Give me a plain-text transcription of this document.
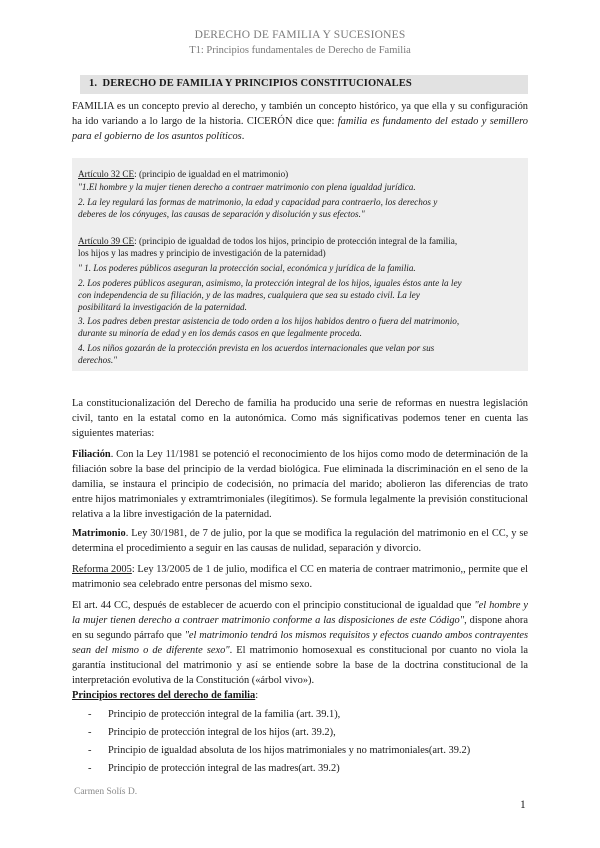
DERECHO DE FAMILIA Y SUCESIONES
T1: Principios fundamentales de Derecho de Familia
1.  DERECHO DE FAMILIA Y PRINCIPIOS CONSTITUCIONALES
FAMILIA es un concepto previo al derecho, y también un concepto histórico, ya que ella y su configuración ha ido variando a lo largo de la historia. CICERÓN dice que: familia es fundamento del estado y semillero para el gobierno de los asuntos políticos.
Artículo 32 CE: (principio de igualdad en el matrimonio)
"1.El hombre y la mujer tienen derecho a contraer matrimonio con plena igualdad jurídica.
2. La ley regulará las formas de matrimonio, la edad y capacidad para contraerlo, los derechos y
deberes de los cónyuges, las causas de separación y disolución y sus efectos."
Artículo 39 CE: (principio de igualdad de todos los hijos, principio de protección integral de la familia,
los hijos y las madres y principio de investigación de la paternidad)
" 1. Los poderes públicos aseguran la protección social, económica y jurídica de la familia.
2. Los poderes públicos aseguran, asimismo, la protección integral de los hijos, iguales éstos ante la ley
con independencia de su filiación, y de las madres, cualquiera que sea su estado civil. La ley
posibilitará la investigación de la paternidad.
3. Los padres deben prestar asistencia de todo orden a los hijos habidos dentro o fuera del matrimonio,
durante su minoría de edad y en los demás casos en que legalmente proceda.
4. Los niños gozarán de la protección prevista en los acuerdos internacionales que velan por sus
derechos."
La constitucionalización del Derecho de familia ha producido una serie de reformas en nuestra legislación civil, tanto en la estatal como en la autonómica. Como más significativas podemos tener en cuenta las siguientes materias:
Filiación. Con la Ley 11/1981 se potenció el reconocimiento de los hijos como modo de determinación de la filiación sobre la base del principio de la verdad biológica. Fue eliminada la discriminación en el seno de la damilia, se instaura el principio de codecisión, no primacía del marido; abolieron las diferencias de trato entre hijos matrimoniales y extramtrimoniales (ilegítimos). Se formula legalmente la previsión constitucional relativa a la libre investigación de la paternidad.
Matrimonio. Ley 30/1981, de 7 de julio, por la que se modifica la regulación del matrimonio en el CC, y se determina el procedimiento a seguir en las causas de nulidad, separación y divorcio.
Reforma 2005: Ley 13/2005 de 1 de julio, modifica el CC en materia de contraer matrimonio,, permite que el matrimonio sea celebrado entre personas del mismo sexo.
El art. 44 CC, después de establecer de acuerdo con el principio constitucional de igualdad que "el hombre y la mujer tienen derecho a contraer matrimonio conforme a las disposiciones de este Código", dispone ahora en su segundo párrafo que "el matrimonio tendrá los mismos requisitos y efectos cuando ambos contrayentes sean del mismo o de diferente sexo". El matrimonio homosexual es constitucional por cuanto no viola la garantía institucional del matrimonio y así se entiende sobre la base de la doctrina constitucional de la interpretación evolutiva de la Constitución («árbol vivo»).
Principios rectores del derecho de familia:
- Principio de protección integral de la familia (art. 39.1),
- Principio de protección integral de los hijos (art. 39.2),
- Principio de igualdad absoluta de los hijos matrimoniales y no matrimoniales(art. 39.2)
- Principio de protección integral de las madres(art. 39.2)
Carmen Solís D.
1
